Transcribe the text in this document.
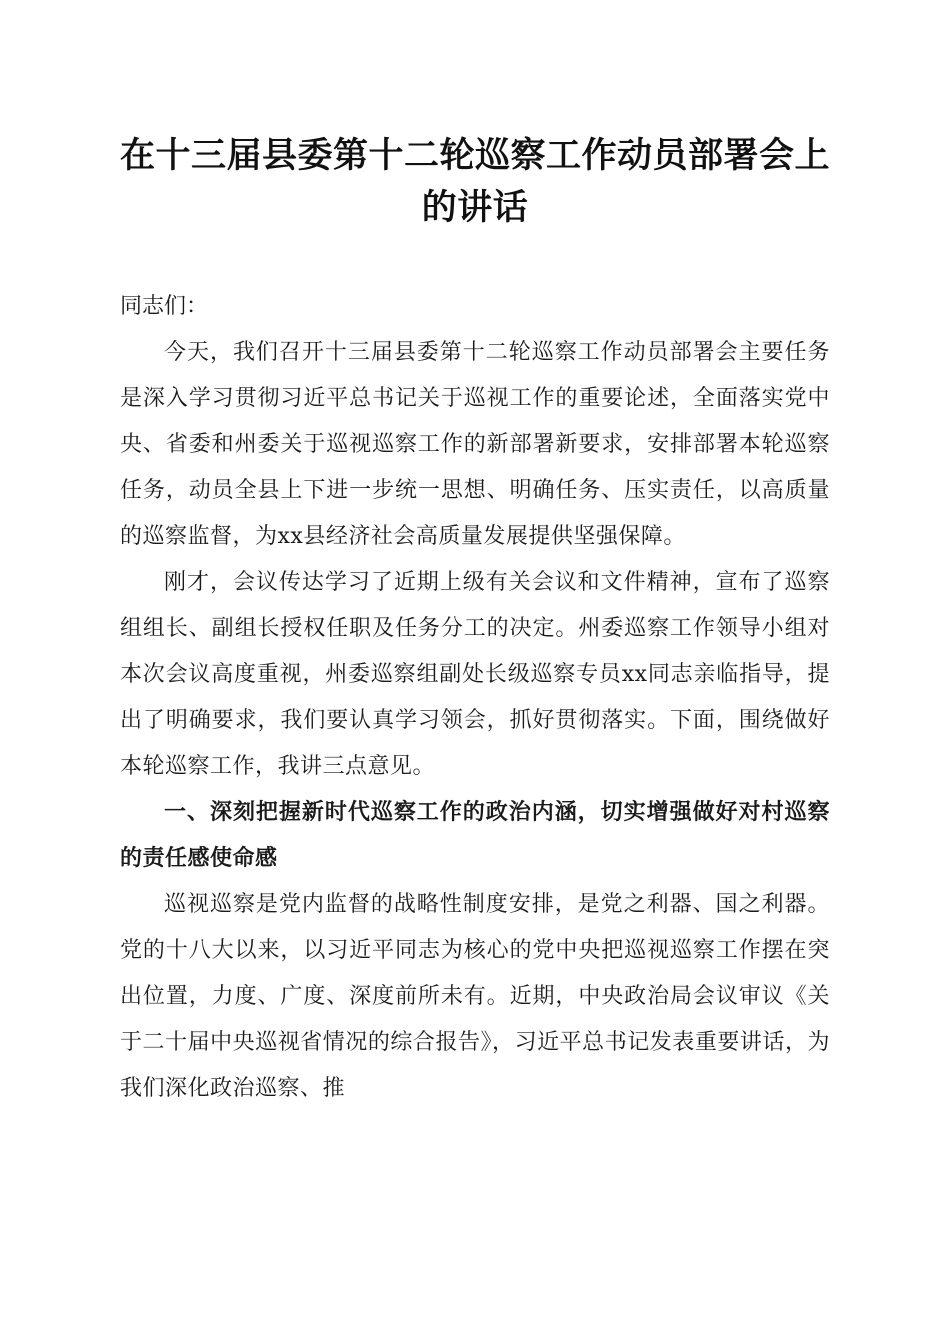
在十三届县委第十二轮巡察工作动员部署会上的讲话

同志们：

今天，我们召开十三届县委第十二轮巡察工作动员部署会主要任务是深入学习贯彻习近平总书记关于巡视工作的重要论述，全面落实党中央、省委和州委关于巡视巡察工作的新部署新要求，安排部署本轮巡察任务，动员全县上下进一步统一思想、明确任务、压实责任，以高质量的巡察监督，为xx县经济社会高质量发展提供坚强保障。

刚才，会议传达学习了近期上级有关会议和文件精神，宣布了巡察组组长、副组长授权任职及任务分工的决定。州委巡察工作领导小组对本次会议高度重视，州委巡察组副处长级巡察专员xx同志亲临指导，提出了明确要求，我们要认真学习领会，抓好贯彻落实。下面，围绕做好本轮巡察工作，我讲三点意见。

一、深刻把握新时代巡察工作的政治内涵，切实增强做好对村巡察的责任感使命感

巡视巡察是党内监督的战略性制度安排，是党之利器、国之利器。党的十八大以来，以习近平同志为核心的党中央把巡视巡察工作摆在突出位置，力度、广度、深度前所未有。近期，中央政治局会议审议《关于二十届中央巡视省情况的综合报告》，习近平总书记发表重要讲话，为我们深化政治巡察、推
